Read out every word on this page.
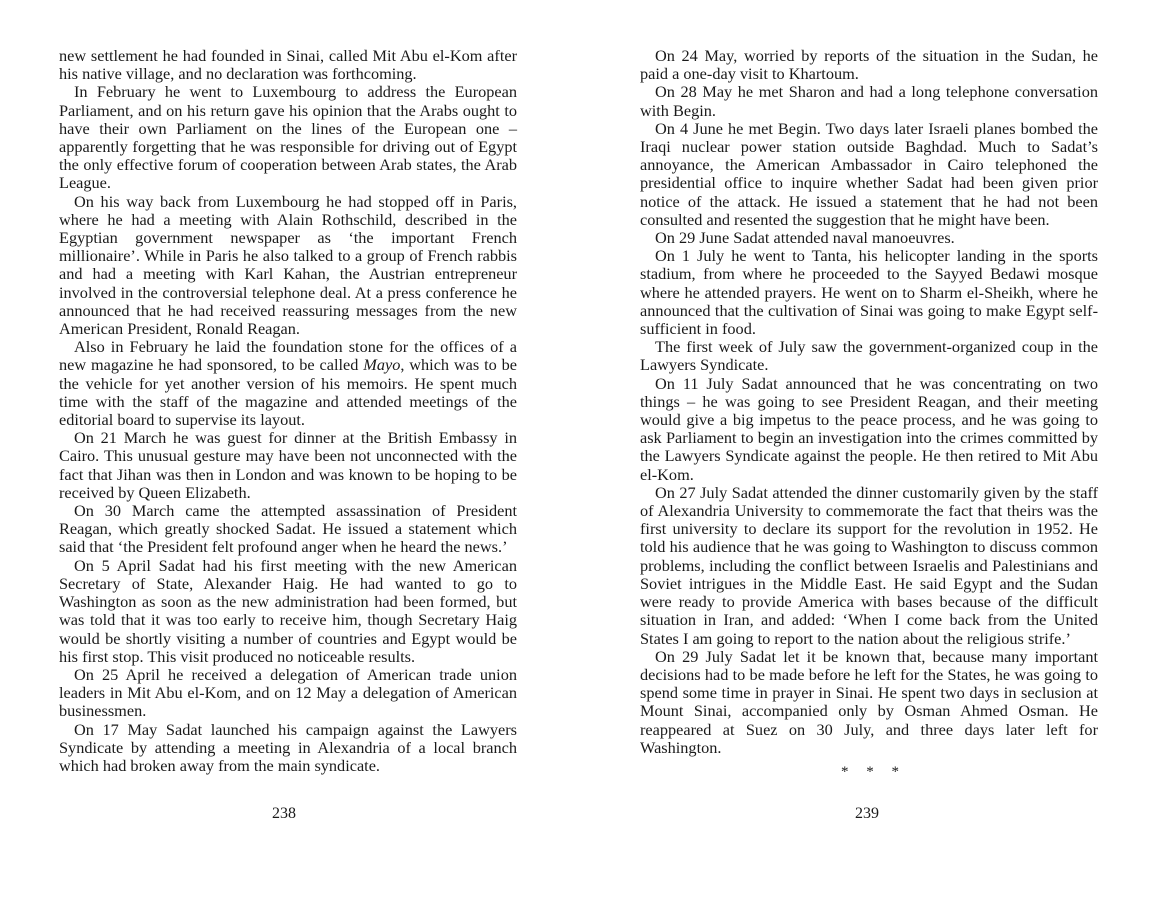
new settlement he had founded in Sinai, called Mit Abu el-Kom after his native village, and no declaration was forthcoming.

In February he went to Luxembourg to address the European Parliament, and on his return gave his opinion that the Arabs ought to have their own Parliament on the lines of the European one – apparently forgetting that he was responsible for driving out of Egypt the only effective forum of cooperation between Arab states, the Arab League.

On his way back from Luxembourg he had stopped off in Paris, where he had a meeting with Alain Rothschild, described in the Egyptian government newspaper as ‘the important French millionaire’. While in Paris he also talked to a group of French rabbis and had a meeting with Karl Kahan, the Austrian entrepreneur involved in the controversial telephone deal. At a press conference he announced that he had received reassuring messages from the new American President, Ronald Reagan.

Also in February he laid the foundation stone for the offices of a new magazine he had sponsored, to be called Mayo, which was to be the vehicle for yet another version of his memoirs. He spent much time with the staff of the magazine and attended meetings of the editorial board to supervise its layout.

On 21 March he was guest for dinner at the British Embassy in Cairo. This unusual gesture may have been not unconnected with the fact that Jihan was then in London and was known to be hoping to be received by Queen Elizabeth.

On 30 March came the attempted assassination of President Reagan, which greatly shocked Sadat. He issued a statement which said that ‘the President felt profound anger when he heard the news.’

On 5 April Sadat had his first meeting with the new American Secretary of State, Alexander Haig. He had wanted to go to Washington as soon as the new administration had been formed, but was told that it was too early to receive him, though Secretary Haig would be shortly visiting a number of countries and Egypt would be his first stop. This visit produced no noticeable results.

On 25 April he received a delegation of American trade union leaders in Mit Abu el-Kom, and on 12 May a delegation of American businessmen.

On 17 May Sadat launched his campaign against the Lawyers Syndicate by attending a meeting in Alexandria of a local branch which had broken away from the main syndicate.

238

On 24 May, worried by reports of the situation in the Sudan, he paid a one-day visit to Khartoum.

On 28 May he met Sharon and had a long telephone conversation with Begin.

On 4 June he met Begin. Two days later Israeli planes bombed the Iraqi nuclear power station outside Baghdad. Much to Sadat’s annoyance, the American Ambassador in Cairo telephoned the presidential office to inquire whether Sadat had been given prior notice of the attack. He issued a statement that he had not been consulted and resented the suggestion that he might have been.

On 29 June Sadat attended naval manoeuvres.

On 1 July he went to Tanta, his helicopter landing in the sports stadium, from where he proceeded to the Sayyed Bedawi mosque where he attended prayers. He went on to Sharm el-Sheikh, where he announced that the cultivation of Sinai was going to make Egypt self-sufficient in food.

The first week of July saw the government-organized coup in the Lawyers Syndicate.

On 11 July Sadat announced that he was concentrating on two things – he was going to see President Reagan, and their meeting would give a big impetus to the peace process, and he was going to ask Parliament to begin an investigation into the crimes committed by the Lawyers Syndicate against the people. He then retired to Mit Abu el-Kom.

On 27 July Sadat attended the dinner customarily given by the staff of Alexandria University to commemorate the fact that theirs was the first university to declare its support for the revolution in 1952. He told his audience that he was going to Washington to discuss common problems, including the conflict between Israelis and Palestinians and Soviet intrigues in the Middle East. He said Egypt and the Sudan were ready to provide America with bases because of the difficult situation in Iran, and added: ‘When I come back from the United States I am going to report to the nation about the religious strife.’

On 29 July Sadat let it be known that, because many important decisions had to be made before he left for the States, he was going to spend some time in prayer in Sinai. He spent two days in seclusion at Mount Sinai, accompanied only by Osman Ahmed Osman. He reappeared at Suez on 30 July, and three days later left for Washington.

* * *
239
